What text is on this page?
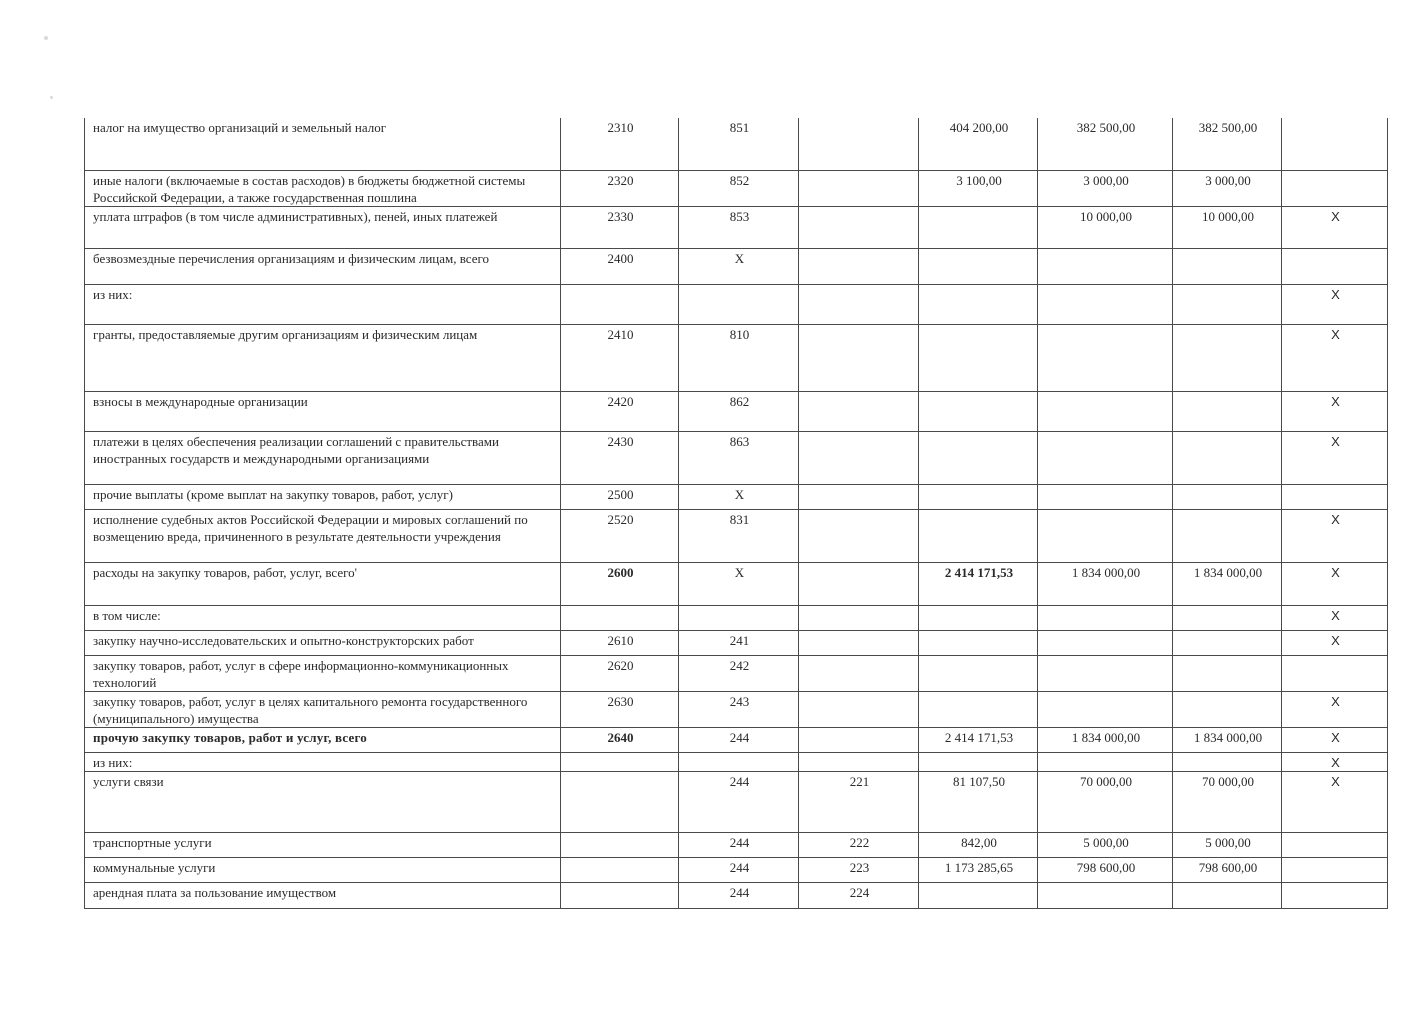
налог на имущество организаций и земельный налог	2310	851		404 200,00	382 500,00	382 500,00	
иные налоги (включаемые в состав расходов) в бюджеты бюджетной системы Российской Федерации, а также государственная пошлина	2320	852		3 100,00	3 000,00	3 000,00	
уплата штрафов (в том числе административных), пеней, иных платежей	2330	853			10 000,00	10 000,00	X
безвозмездные перечисления организациям и физическим лицам, всего	2400	X					
из них:							X
гранты, предоставляемые другим организациям и физическим лицам	2410	810					X
взносы в международные организации	2420	862					X
платежи в целях обеспечения реализации соглашений с правительствами иностранных государств и международными организациями	2430	863					X
прочие выплаты (кроме выплат на закупку товаров, работ, услуг)	2500	X					
исполнение судебных актов Российской Федерации и мировых соглашений по возмещению вреда, причиненного в результате деятельности учреждения	2520	831					X
расходы на закупку товаров, работ, услуг, всего'	2600	X		2 414 171,53	1 834 000,00	1 834 000,00	X
в том числе:							X
закупку научно-исследовательских и опытно-конструкторских работ	2610	241					X
закупку товаров, работ, услуг в сфере информационно-коммуникационных технологий	2620	242					
закупку товаров, работ, услуг в целях капитального ремонта государственного (муниципального) имущества	2630	243					X
прочую закупку товаров, работ и услуг, всего	2640	244		2 414 171,53	1 834 000,00	1 834 000,00	X
из них:							X
услуги связи		244	221	81 107,50	70 000,00	70 000,00	X
транспортные услуги		244	222	842,00	5 000,00	5 000,00	
коммунальные услуги		244	223	1 173 285,65	798 600,00	798 600,00	
арендная плата за пользование имуществом		244	224				
